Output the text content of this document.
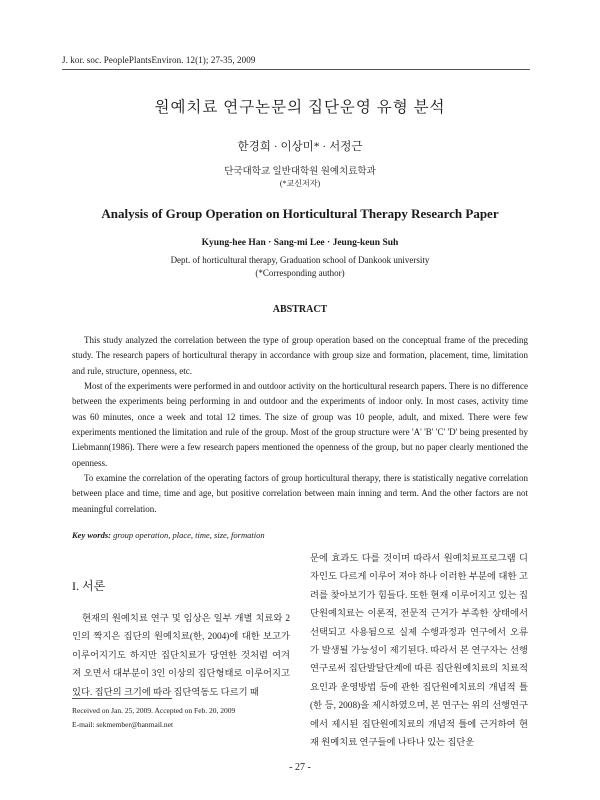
J. kor. soc. PeoplePlantsEnviron. 12(1); 27-35, 2009
원예치료 연구논문의 집단운영 유형 분석
한경희 · 이상미* · 서정근
단국대학교 일반대학원 원예치료학과
(*교신저자)
Analysis of Group Operation on Horticultural Therapy Research Paper
Kyung-hee Han · Sang-mi Lee · Jeung-keun Suh
Dept. of horticultural therapy, Graduation school of Dankook university
(*Corresponding author)
ABSTRACT

This study analyzed the correlation between the type of group operation based on the conceptual frame of the preceding study. The research papers of horticultural therapy in accordance with group size and formation, placement, time, limitation and rule, structure, openness, etc.

Most of the experiments were performed in and outdoor activity on the horticultural research papers. There is no difference between the experiments being performing in and outdoor and the experiments of indoor only. In most cases, activity time was 60 minutes, once a week and total 12 times. The size of group was 10 people, adult, and mixed. There were few experiments mentioned the limitation and rule of the group. Most of the group structure were 'A' 'B' 'C' 'D' being presented by Liebmann(1986). There were a few research papers mentioned the openness of the group, but no paper clearly mentioned the openness.

To examine the correlation of the operating factors of group horticultural therapy, there is statistically negative correlation between place and time, time and age, but positive correlation between main inning and term. And the other factors are not meaningful correlation.

Key words: group operation, place, time, size, formation
I. 서론

현재의 원예치료 연구 및 임상은 일부 개별 치료와 2인의 짝지은 집단의 원예치료(한, 2004)에 대한 보고가 이루어지기도 하지만 집단치료가 당연한 것처럼 여겨져 오면서 대부분이 3인 이상의 집단형태로 이루어지고 있다. 집단의 크기에 따라 집단역동도 다르기 때

문에 효과도 다를 것이며 따라서 원예치료프로그램 디자인도 다르게 이루어 져야 하나 이러한 부분에 대한 고려를 찾아보기가 힘들다. 또한 현재 이루어지고 있는 집단원예치료는 이론적, 전문적 근거가 부족한 상태에서 선택되고 사용됨으로 실제 수행과정과 연구에서 오류가 발생될 가능성이 제기된다. 따라서 본 연구자는 선행연구로써 집단발달단계에 따른 집단원예치료의 치료적 요인과 운영방법 등에 관한 집단원예치료의 개념적 틀(한 등, 2008)을 제시하였으며, 본 연구는 위의 선행연구에서 제시된 집단원예치료의 개념적 틀에 근거하여 현재 원예치료 연구들에 나타나 있는 집단운

Received on Jan. 25, 2009. Accepted on Feb. 20, 2009
E-mail: sekmember@hanmail.net
- 27 -
